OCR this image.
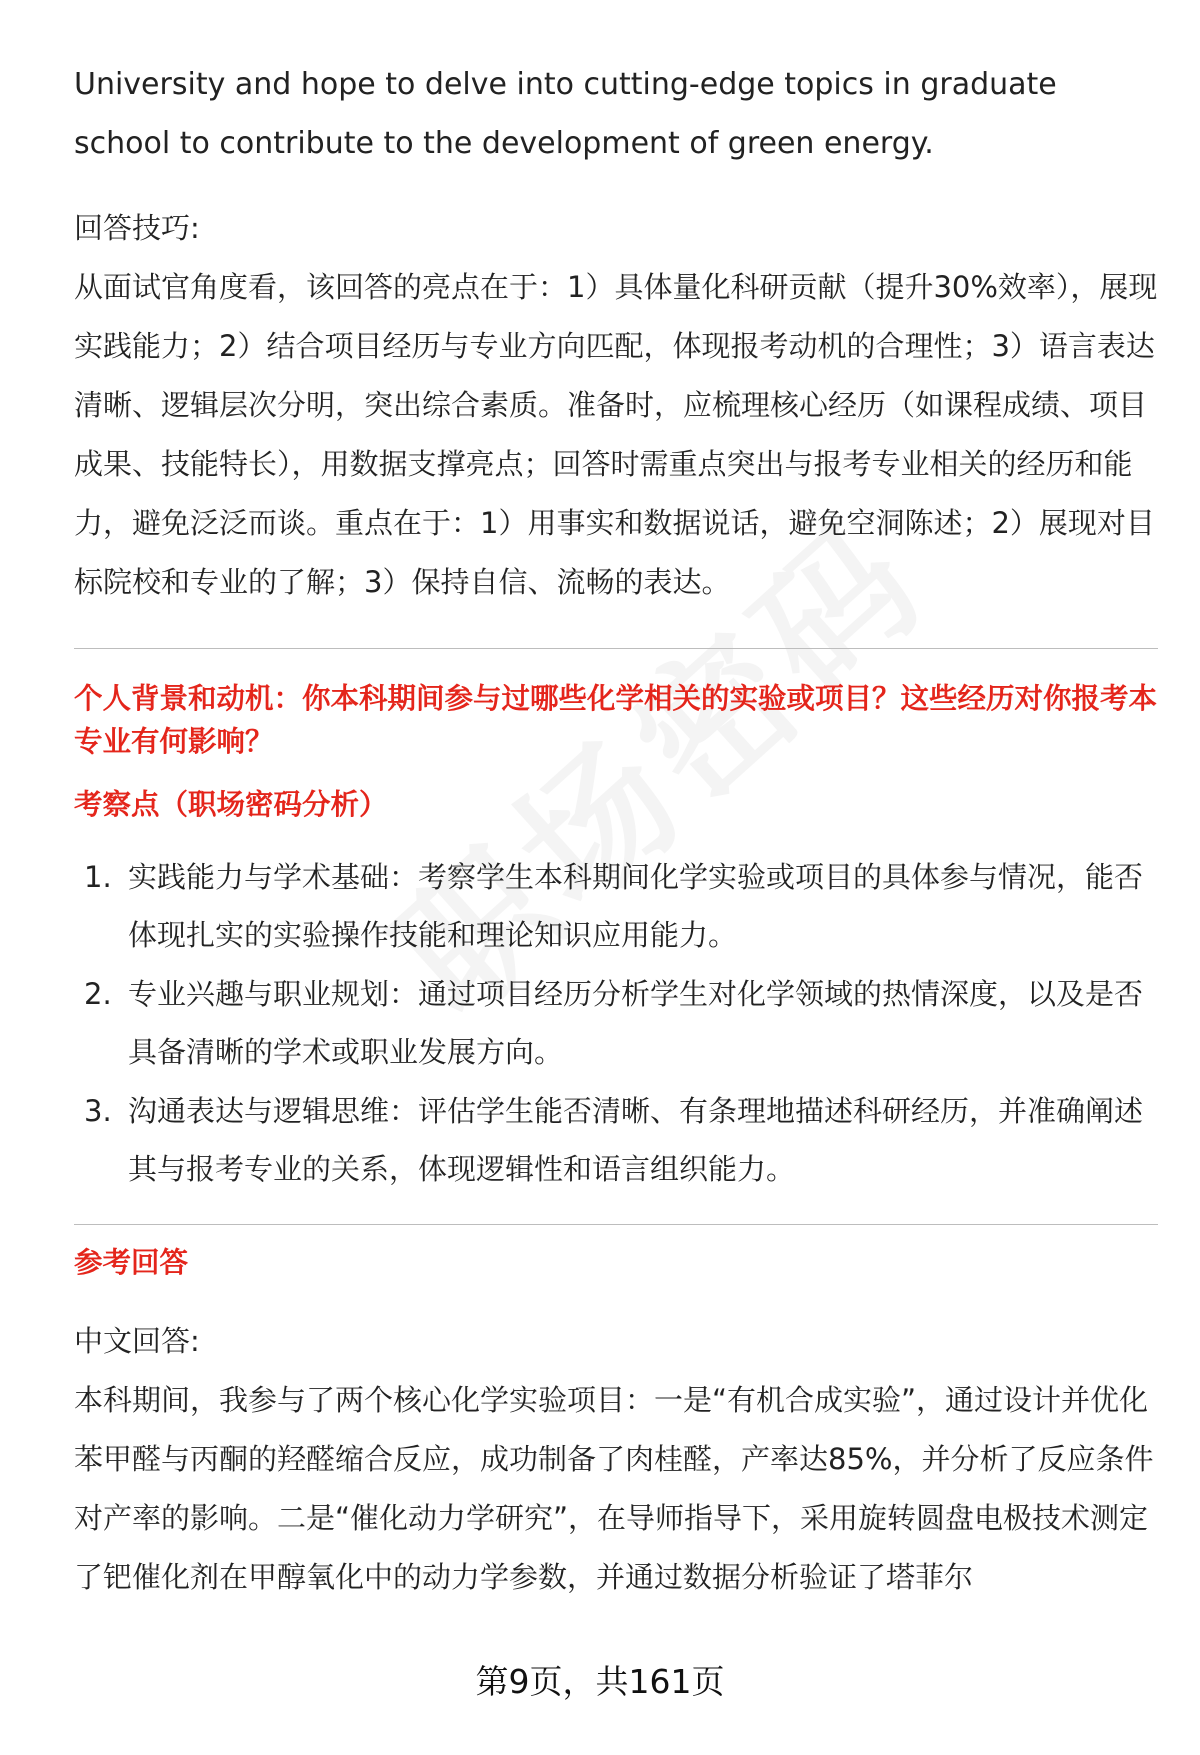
University and hope to delve into cutting-edge topics in graduate school to contribute to the development of green energy.

回答技巧:

从面试官角度看，该回答的亮点在于：1）具体量化科研贡献（提升30%效率），展现实践能力；2）结合项目经历与专业方向匹配，体现报考动机的合理性；3）语言表达清晰、逻辑层次分明，突出综合素质。准备时，应梳理核心经历（如课程成绩、项目成果、技能特长），用数据支撑亮点；回答时需重点突出与报考专业相关的经历和能力，避免泛泛而谈。重点在于：1）用事实和数据说话，避免空洞陈述；2）展现对目标院校和专业的了解；3）保持自信、流畅的表达。

个人背景和动机：你本科期间参与过哪些化学相关的实验或项目？这些经历对你报考本专业有何影响？

考察点（职场密码分析）

1. 实践能力与学术基础：考察学生本科期间化学实验或项目的具体参与情况，能否体现扎实的实验操作技能和理论知识应用能力。
2. 专业兴趣与职业规划：通过项目经历分析学生对化学领域的热情深度，以及是否具备清晰的学术或职业发展方向。
3. 沟通表达与逻辑思维：评估学生能否清晰、有条理地描述科研经历，并准确阐述其与报考专业的关系，体现逻辑性和语言组织能力。

参考回答

中文回答:

本科期间，我参与了两个核心化学实验项目：一是“有机合成实验”，通过设计并优化苯甲醛与丙酮的羟醛缩合反应，成功制备了肉桂醛，产率达85%，并分析了反应条件对产率的影响。二是“催化动力学研究”，在导师指导下，采用旋转圆盘电极技术测定了钯催化剂在甲醇氧化中的动力学参数，并通过数据分析验证了塔菲尔

第9页，共161页
